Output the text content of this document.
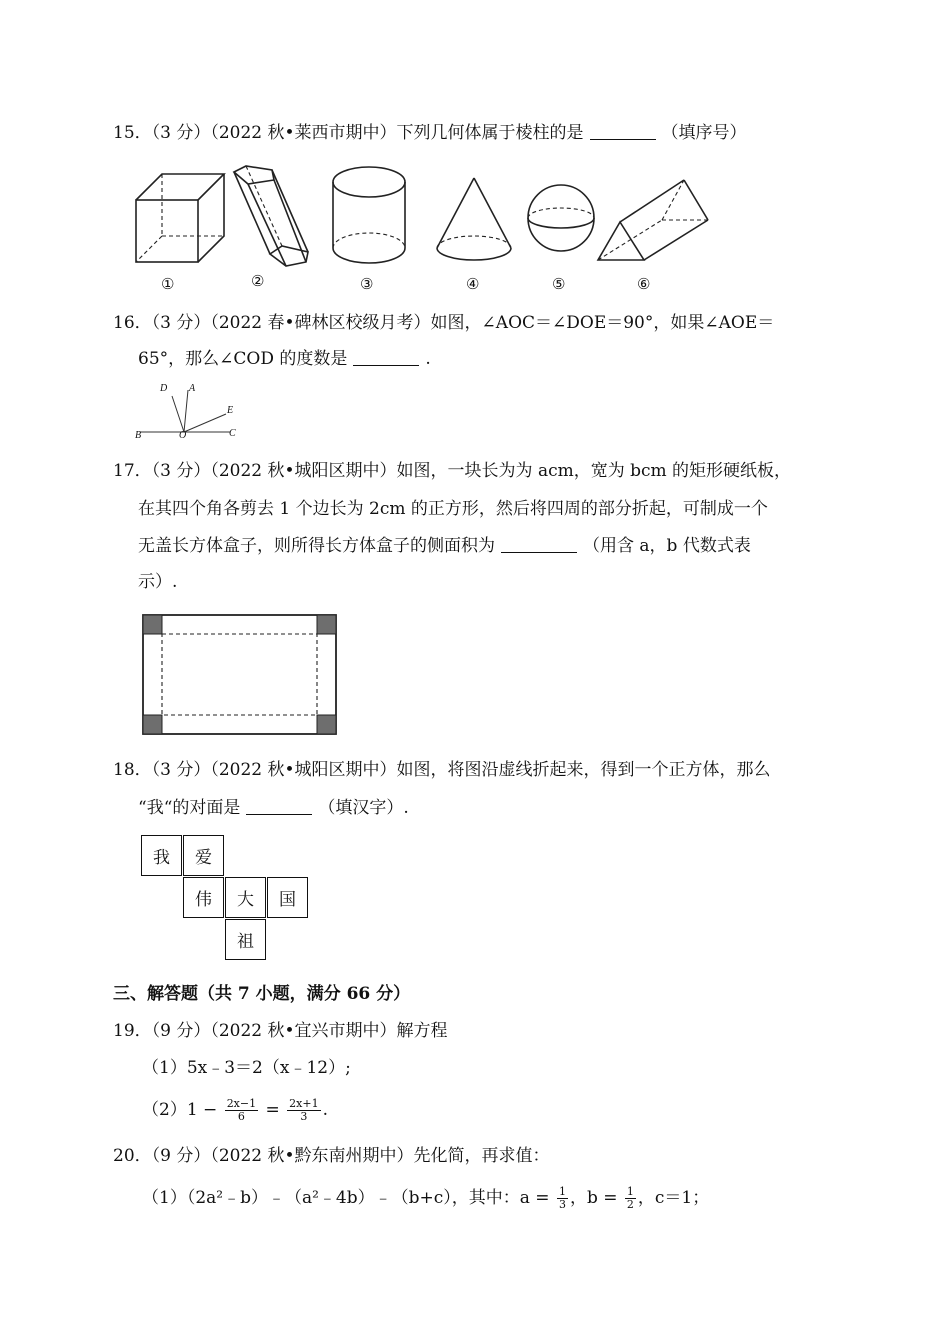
15．（3 分）（2022 秋•莱西市期中）下列几何体属于棱柱的是	（填序号）
①	②	③	④	⑤	⑥
16．（3 分）（2022 春•碑林区校级月考）如图，∠AOC＝∠DOE＝90°，如果∠AOE＝
65°，那么∠COD 的度数是	.
D A
E
B	O	C
17．（3 分）（2022 秋•城阳区期中）如图，一块长为为 acm，宽为 bcm 的矩形硬纸板，
在其四个角各剪去 1 个边长为 2cm 的正方形，然后将四周的部分折起，可制成一个
无盖长方体盒子，则所得长方体盒子的侧面积为	（用含 a，b 代数式表
示）.
18．（3 分）（2022 秋•城阳区期中）如图，将图沿虚线折起来，得到一个正方体，那么
“我“的对面是	（填汉字）.
我	爱
伟	大	国
祖
三、解答题（共 7 小题，满分 66 分）
19．（9 分）（2022 秋•宜兴市期中）解方程
（1）5x﹣3＝2（x﹣12）;
$(2)1 - \frac{2x-1}{6} = \frac{2x+1}{3}$ .
20．（9 分）（2022 秋•黔东南州期中）先化简，再求值：
（1）（2a²﹣b）﹣（a²﹣4b）﹣（b+c），其中：$a = \frac{1}{3}$ ，$b = \frac{1}{2}$ ，c＝1；
